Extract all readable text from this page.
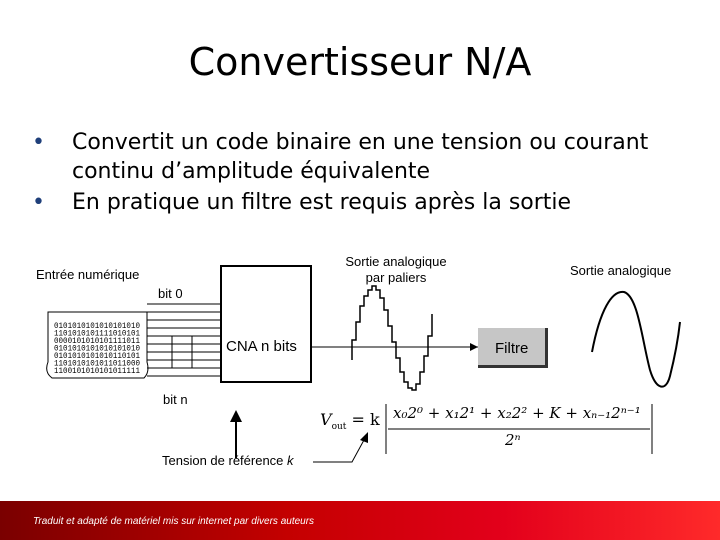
Convertisseur N/A
• Convertit un code binaire en une tension ou courant continu d’amplitude équivalente
• En pratique un filtre est requis après la sortie
0101010101010101010
1101010101111010101
0000101010101111011
0101010101010101010
0101010101010110101
1101010101011011000
1100101010101011111
CNA n bits	Filtre
Entrée numérique
bit 0
bit n
Sortie analogique
par paliers	Sortie analogique
Tension de référence k
$V_{out} = k$ x₀2⁰ + x₁2¹ + x₂2² + K + xₙ₋₁2ⁿ⁻¹
2ⁿ
Traduit et adapté de matériel mis sur internet par divers auteurs
